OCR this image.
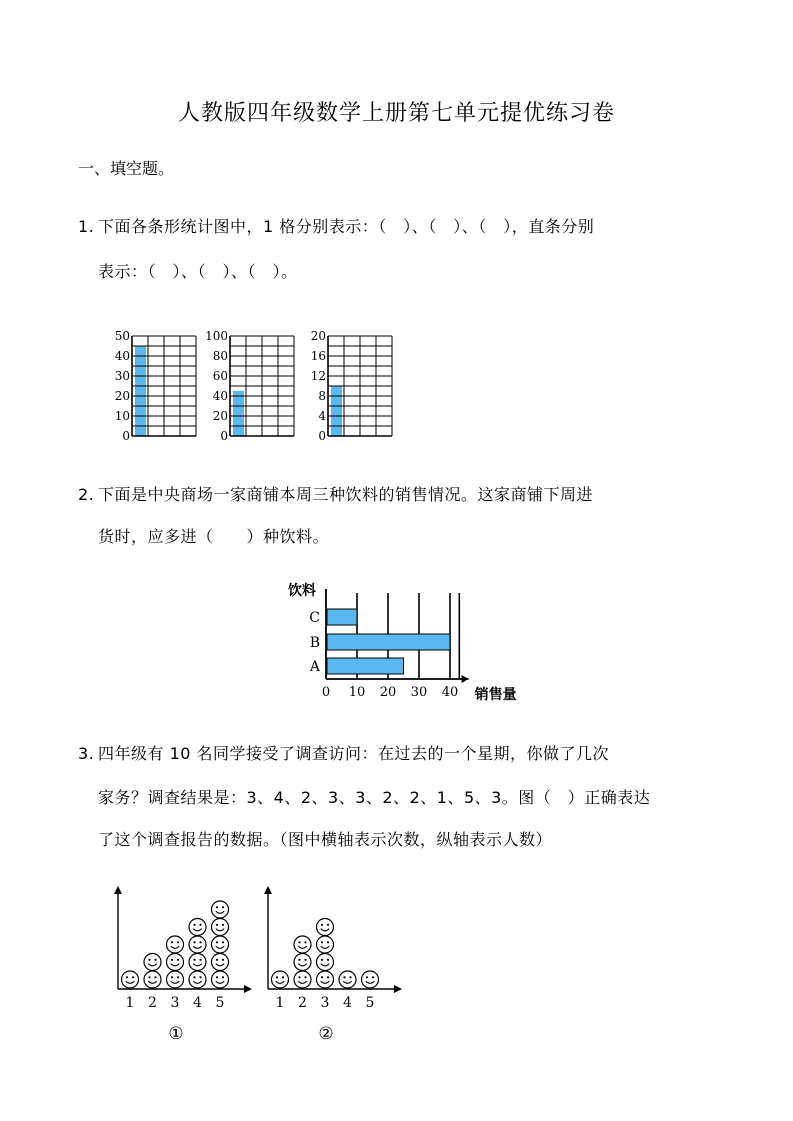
人教版四年级数学上册第七单元提优练习卷
一、填空题。
1. 下面各条形统计图中，1 格分别表示：（　）、（　）、（　），直条分别
表示：（　）、（　）、（　）。
50
40
30
20
10
0
100
80
60
40
20
0
20
16
12
8
4
0
2. 下面是中央商场一家商铺本周三种饮料的销售情况。这家商铺下周进
货时，应多进（　　）种饮料。
0 10 20 30 40
C
B
A
饮料
销售量
3. 四年级有 10 名同学接受了调查访问：在过去的一个星期，你做了几次
家务？调查结果是：3、4、2、3、3、2、2、1、5、3。图（　）正确表达
了这个调查报告的数据。（图中横轴表示次数，纵轴表示人数）
1 2 3 4 5
①
1 2 3 4 5
②
